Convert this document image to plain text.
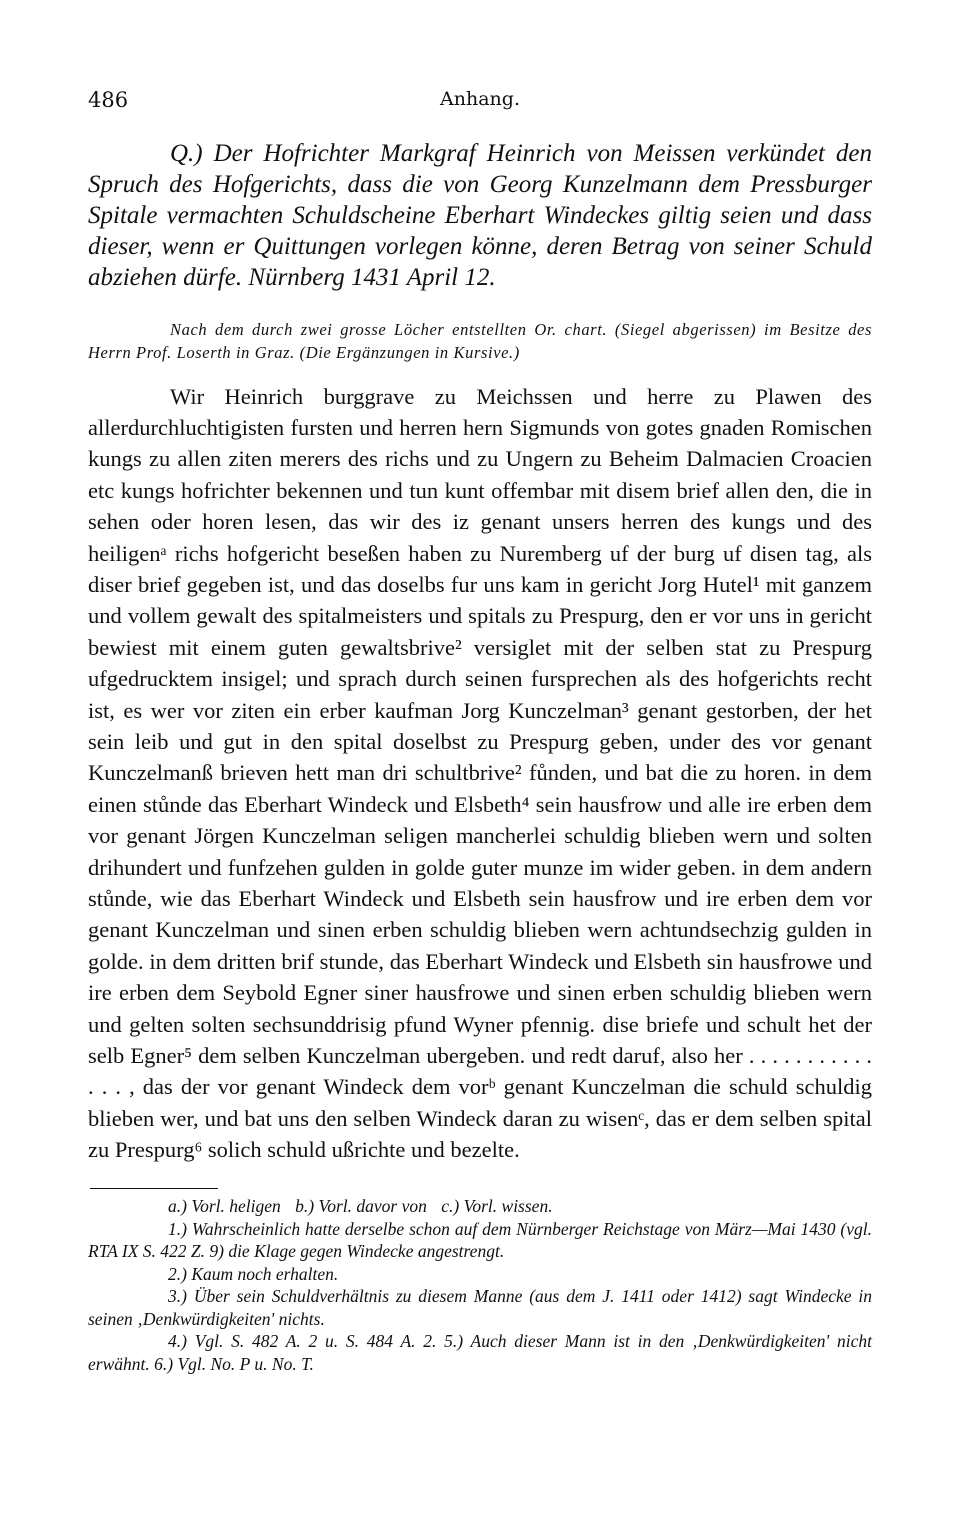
486	Anhang.

Q.) Der Hofrichter Markgraf Heinrich von Meissen verkündet den Spruch des Hofgerichts, dass die von Georg Kunzelmann dem Pressburger Spitale vermachten Schuldscheine Eberhart Windeckes giltig seien und dass dieser, wenn er Quittungen vorlegen könne, deren Betrag von seiner Schuld abziehen dürfe. Nürnberg 1431 April 12.

Nach dem durch zwei grosse Löcher entstellten Or. chart. (Siegel abgerissen) im Besitze des Herrn Prof. Loserth in Graz. (Die Ergänzungen in Kursive.)

Wir Heinrich burggrave zu Meichssen und herre zu Plawen des allerdurchluchtigisten fursten und herren hern Sigmunds von gotes gnaden Romischen kungs zu allen ziten merers des richs und zu Ungern zu Beheim Dalmacien Croacien etc kungs hofrichter bekennen und tun kunt offembar mit disem brief allen den, die in sehen oder horen lesen, das wir des iz genant unsers herren des kungs und des heiligenᵃ richs hofgericht beseßen haben zu Nuremberg uf der burg uf disen tag, als diser brief gegeben ist, und das doselbs fur uns kam in gericht Jorg Hutel¹ mit ganzem und vollem gewalt des spitalmeisters und spitals zu Prespurg, den er vor uns in gericht bewiest mit einem guten gewaltsbrive² versiglet mit der selben stat zu Prespurg ufgedrucktem insigel; und sprach durch seinen fursprechen als des hofgerichts recht ist, es wer vor ziten ein erber kaufman Jorg Kunczelman³ genant gestorben, der het sein leib und gut in den spital doselbst zu Prespurg geben, under des vor genant Kunczelmanß brieven hett man dri schultbrive² fůnden, und bat die zu horen. in dem einen stůnde das Eberhart Windeck und Elsbeth⁴ sein hausfrow und alle ire erben dem vor genant Jörgen Kunczelman seligen mancherlei schuldig blieben wern und solten drihundert und funfzehen gulden in golde guter munze im wider geben. in dem andern stůnde, wie das Eberhart Windeck und Elsbeth sein hausfrow und ire erben dem vor genant Kunczelman und sinen erben schuldig blieben wern achtundsechzig gulden in golde. in dem dritten brif stunde, das Eberhart Windeck und Elsbeth sin hausfrowe und ire erben dem Seybold Egner siner hausfrowe und sinen erben schuldig blieben wern und gelten solten sechsunddrisig pfund Wyner pfennig. dise briefe und schult het der selb Egner⁵ dem selben Kunczelman ubergeben. und redt daruf, also her . . . . . . . . . . . . . . , das der vor genant Windeck dem vorᵇ genant Kunczelman die schuld schuldig blieben wer, und bat uns den selben Windeck daran zu wisenᶜ, das er dem selben spital zu Prespurg⁶ solich schuld ußrichte und bezelte.

a.) Vorl. heligen b.) Vorl. davor von c.) Vorl. wissen.

1.) Wahrscheinlich hatte derselbe schon auf dem Nürnberger Reichstage von März—Mai 1430 (vgl. RTA IX S. 422 Z. 9) die Klage gegen Windecke angestrengt.

2.) Kaum noch erhalten.

3.) Über sein Schuldverhältnis zu diesem Manne (aus dem J. 1411 oder 1412) sagt Windecke in seinen ‚Denkwürdigkeiten' nichts.

4.) Vgl. S. 482 A. 2 u. S. 484 A. 2. 5.) Auch dieser Mann ist in den ‚Denkwürdigkeiten' nicht erwähnt. 6.) Vgl. No. P u. No. T.
